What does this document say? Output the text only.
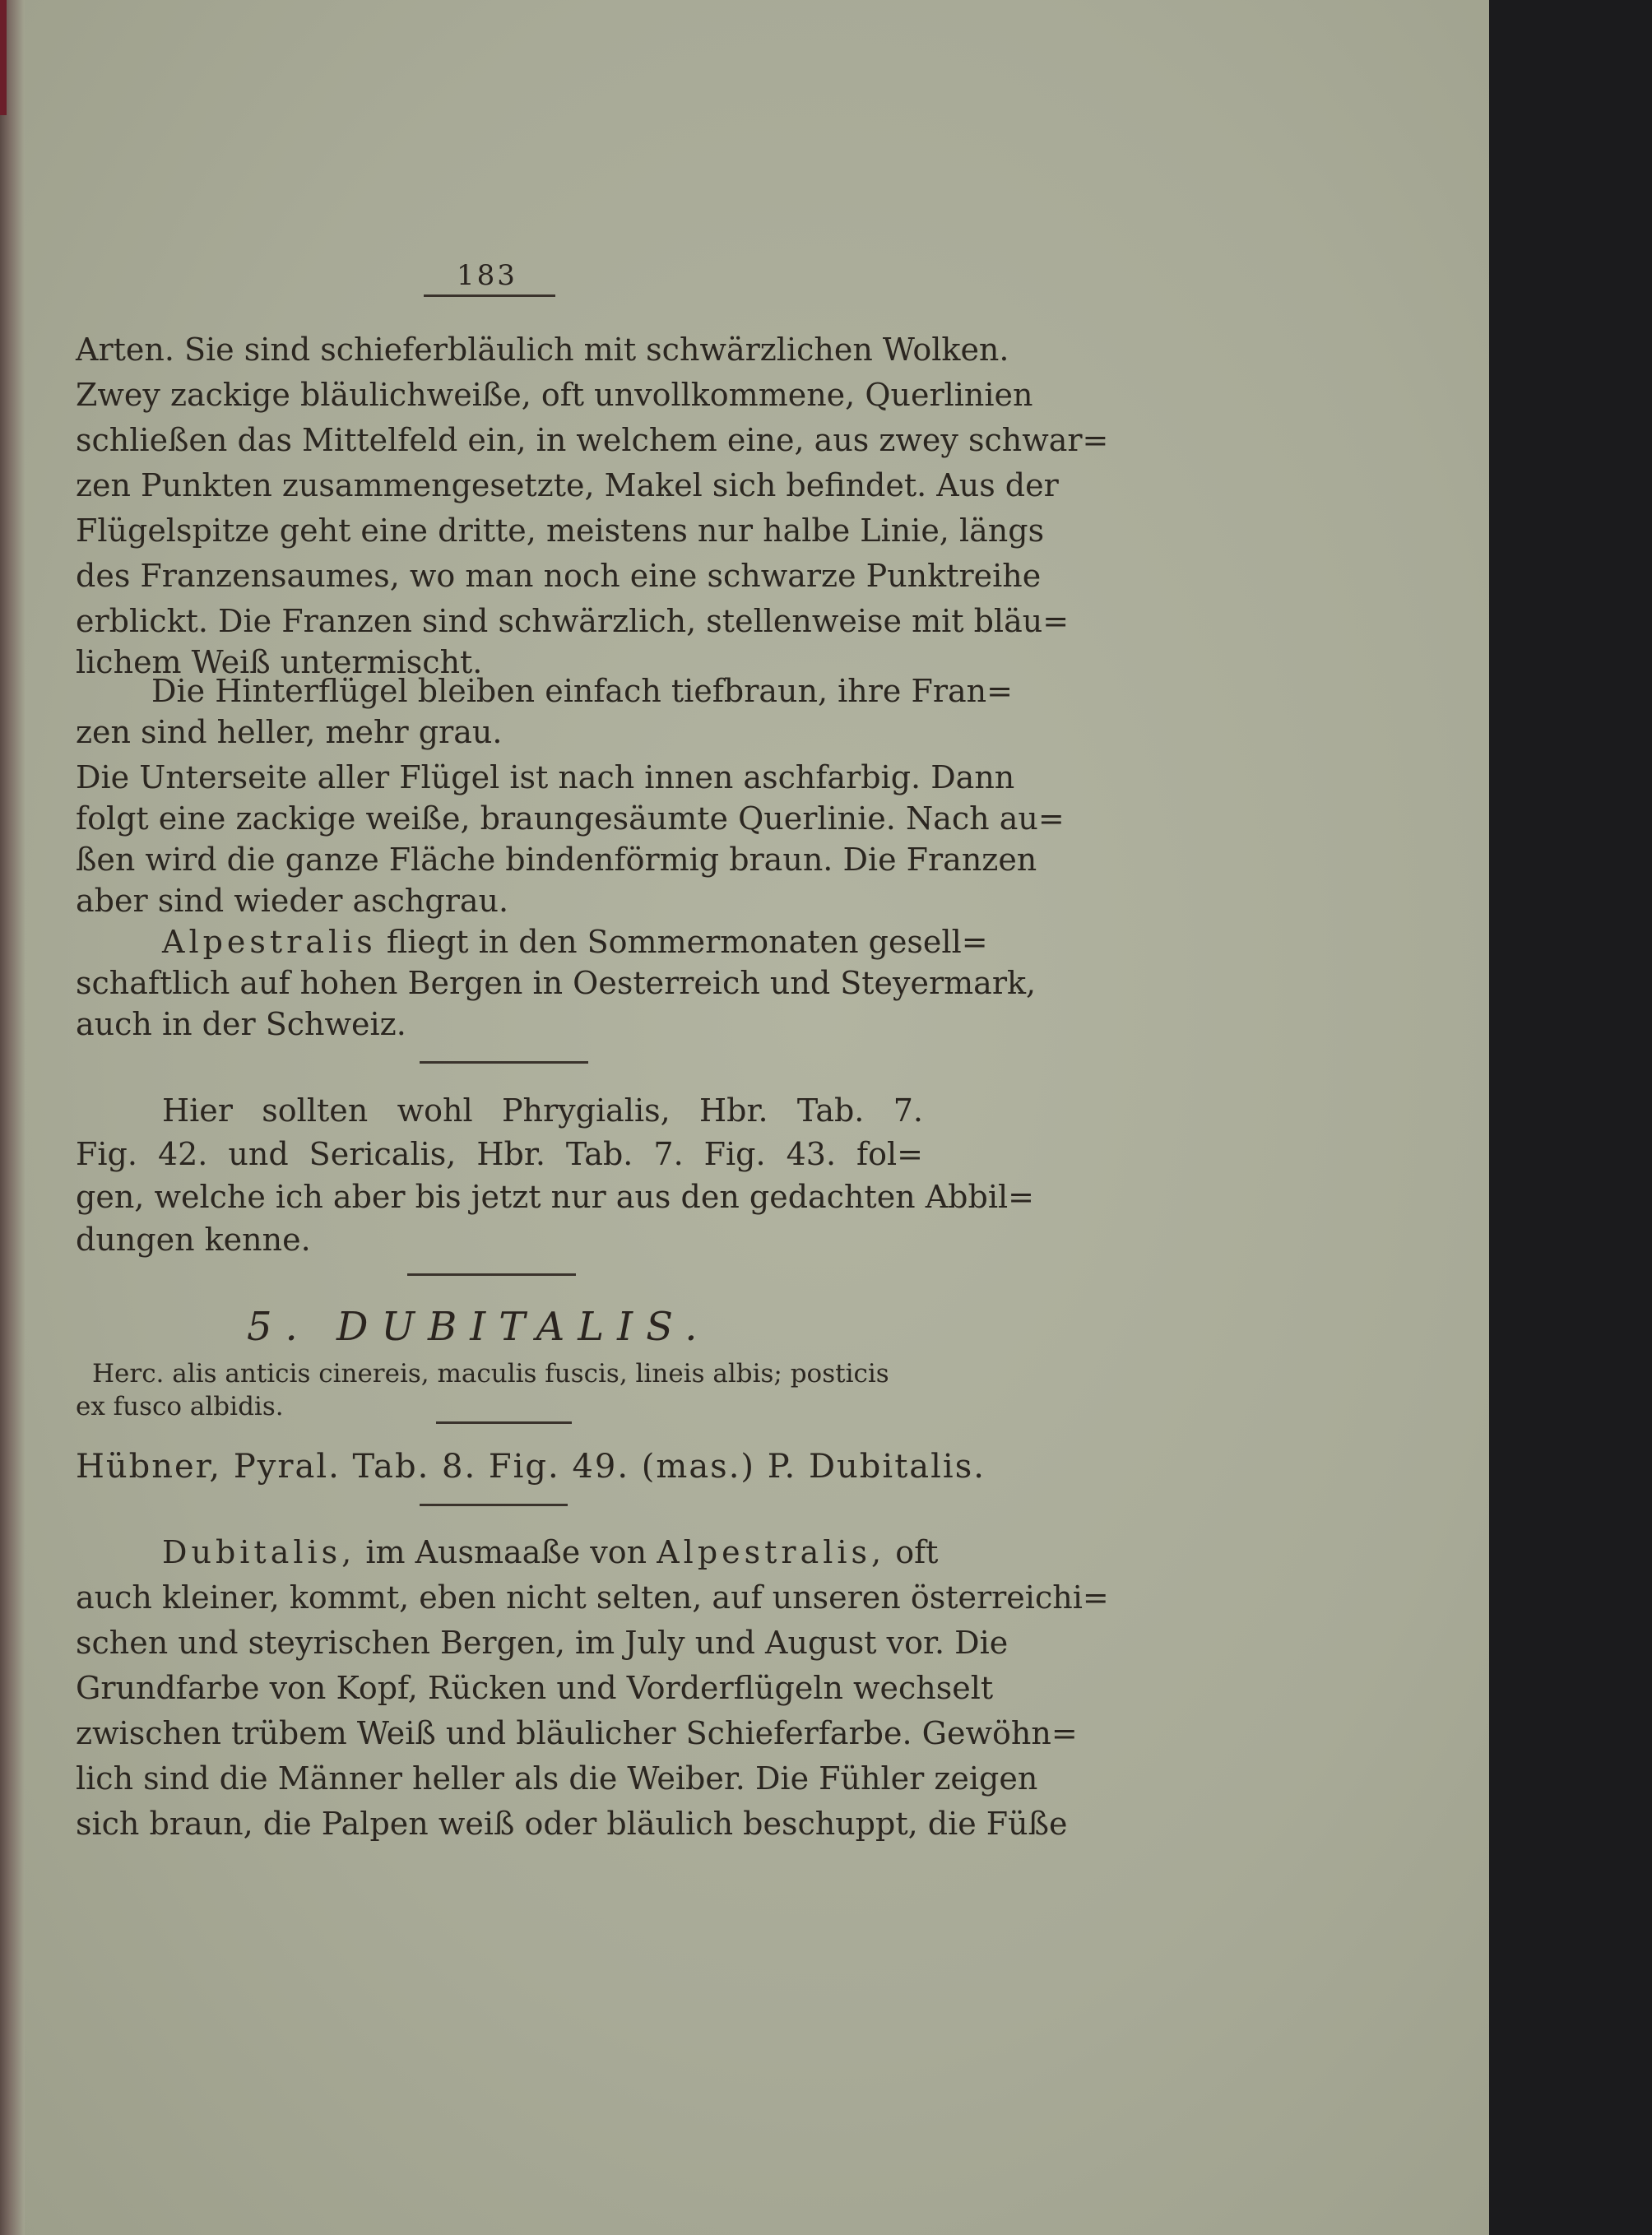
183
Arten. Sie sind schieferbläulich mit schwärzlichen Wolken.
Zwey zackige bläulichweiße, oft unvollkommene, Querlinien
schließen das Mittelfeld ein, in welchem eine, aus zwey schwar=
zen Punkten zusammengesetzte, Makel sich befindet. Aus der
Flügelspitze geht eine dritte, meistens nur halbe Linie, längs
des Franzensaumes, wo man noch eine schwarze Punktreihe
erblickt. Die Franzen sind schwärzlich, stellenweise mit bläu=
lichem Weiß untermischt.
Die Hinterflügel bleiben einfach tiefbraun, ihre Fran=
zen sind heller, mehr grau.
Die Unterseite aller Flügel ist nach innen aschfarbig. Dann
folgt eine zackige weiße, braungesäumte Querlinie. Nach au=
ßen wird die ganze Fläche bindenförmig braun. Die Franzen
aber sind wieder aschgrau.
Alpestralis fliegt in den Sommermonaten gesell=
schaftlich auf hohen Bergen in Oesterreich und Steyermark,
auch in der Schweiz.
Hier sollten wohl Phrygialis, Hbr. Tab. 7.
Fig. 42. und Sericalis, Hbr. Tab. 7. Fig. 43. fol=
gen, welche ich aber bis jetzt nur aus den gedachten Abbil=
dungen kenne.
5. DUBITALIS.
Herc. alis anticis cinereis, maculis fuscis, lineis albis; posticis
ex fusco albidis.
Hübner, Pyral. Tab. 8. Fig. 49. (mas.) P. Dubitalis.
Dubitalis, im Ausmaaße von Alpestralis, oft
auch kleiner, kommt, eben nicht selten, auf unseren österreichi=
schen und steyrischen Bergen, im July und August vor. Die
Grundfarbe von Kopf, Rücken und Vorderflügeln wechselt
zwischen trübem Weiß und bläulicher Schieferfarbe. Gewöhn=
lich sind die Männer heller als die Weiber. Die Fühler zeigen
sich braun, die Palpen weiß oder bläulich beschuppt, die Füße
